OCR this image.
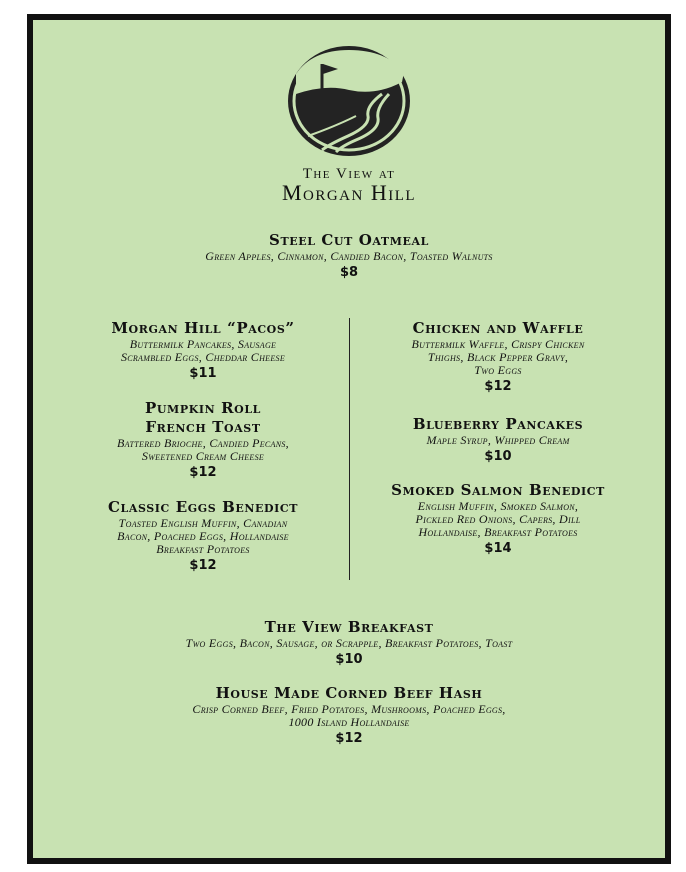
The View at
Morgan Hill
Steel Cut Oatmeal
Green Apples, Cinnamon, Candied Bacon, Toasted Walnuts
$8
Morgan Hill “Pacos”
Buttermilk Pancakes, Sausage
Scrambled Eggs, Cheddar Cheese
$11
Pumpkin Roll
French Toast
Battered Brioche, Candied Pecans,
Sweetened Cream Cheese
$12
Classic Eggs Benedict
Toasted English Muffin, Canadian
Bacon, Poached Eggs, Hollandaise
Breakfast Potatoes
$12
Chicken and Waffle
Buttermilk Waffle, Crispy Chicken
Thighs, Black Pepper Gravy,
Two Eggs
$12
Blueberry Pancakes
Maple Syrup, Whipped Cream
$10
Smoked Salmon Benedict
English Muffin, Smoked Salmon,
Pickled Red Onions, Capers, Dill
Hollandaise, Breakfast Potatoes
$14
The View Breakfast
Two Eggs, Bacon, Sausage, or Scrapple, Breakfast Potatoes, Toast
$10
House Made Corned Beef Hash
Crisp Corned Beef, Fried Potatoes, Mushrooms, Poached Eggs,
1000 Island Hollandaise
$12
